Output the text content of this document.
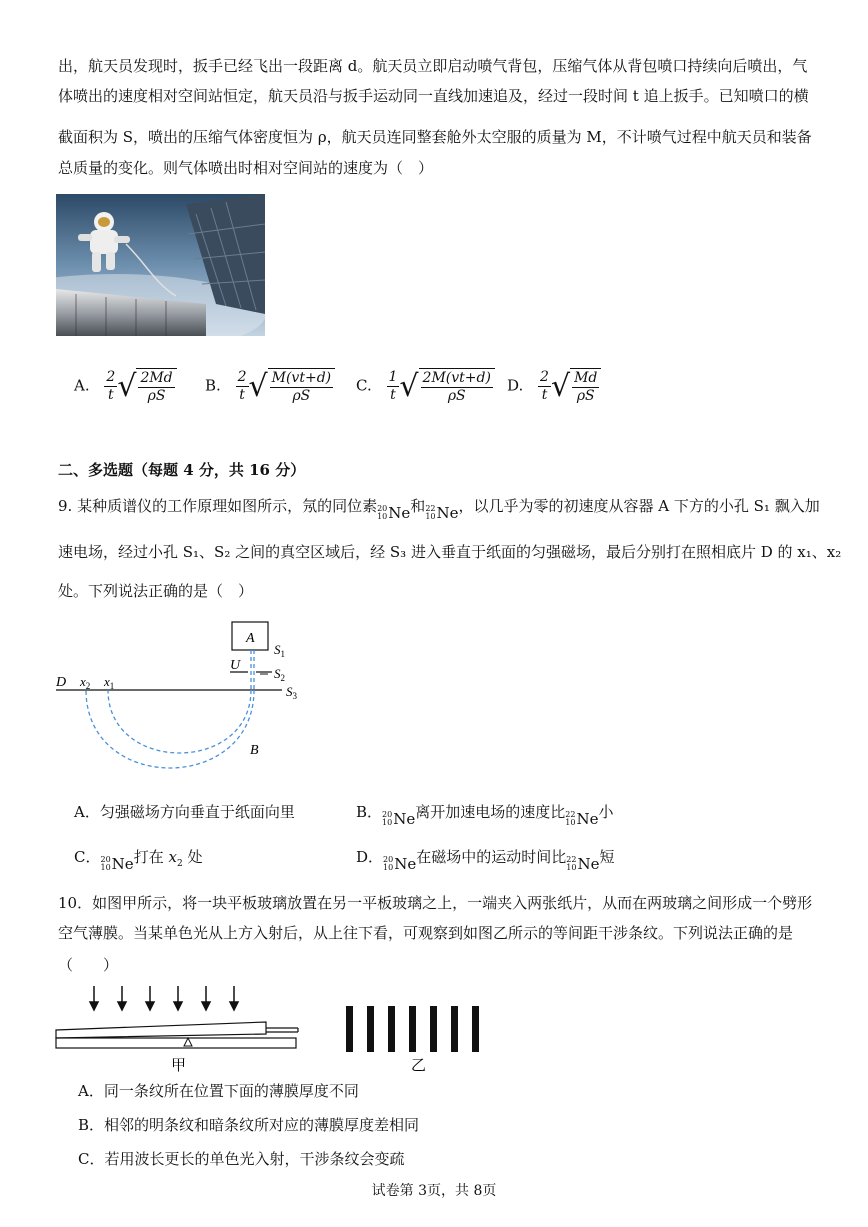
出，航天员发现时，扳手已经飞出一段距离 d。航天员立即启动喷气背包，压缩气体从背包喷口持续向后喷出，气
体喷出的速度相对空间站恒定，航天员沿与扳手运动同一直线加速追及，经过一段时间 t 追上扳手。已知喷口的横
截面积为 S，喷出的压缩气体密度恒为 ρ，航天员连同整套舱外太空服的质量为 M，不计喷气过程中航天员和装备
总质量的变化。则气体喷出时相对空间站的速度为（　）
A. $\frac{2}{t}$ √ $\frac{2Md}{\rho S} B$. $\frac{2}{t}$ √ $\frac{M(vt+d)}{\rho S} C$. $\frac{1}{t}$ √ $\frac{2M(vt+d)}{\rho S} D$. $\frac{2}{t}$ √ $\frac{Md}{\rho S}$
二、多选题（每题 4 分，共 16 分）
9. 某种质谱仪的工作原理如图所示，氖的同位素 20
10 Ne 和 22
10 Ne ，以几乎为零的初速度从容器 A 下方的小孔 S₁ 飘入加
速电场，经过小孔 S₁、S₂ 之间的真空区域后，经 S₃ 进入垂直于纸面的匀强磁场，最后分别打在照相底片 D 的 x₁、x₂
处。下列说法正确的是（　）
A
$S_1$
U
$S_2$
D $x_2$ $x_1$	$S_3$
B
A．匀强磁场方向垂直于纸面向里	B． 20
10 Ne 离开加速电场的速度比 22
10 Ne 小
C． 20
10 Ne 打在 $x_2$ 处	D． 20
10 Ne 在磁场中的运动时间比 22
10 Ne 短
10．如图甲所示，将一块平板玻璃放置在另一平板玻璃之上，一端夹入两张纸片，从而在两玻璃之间形成一个劈形
空气薄膜。当某单色光从上方入射后，从上往下看，可观察到如图乙所示的等间距干涉条纹。下列说法正确的是
（　　）
甲	乙
A．同一条纹所在位置下面的薄膜厚度不同
B．相邻的明条纹和暗条纹所对应的薄膜厚度差相同
C．若用波长更长的单色光入射，干涉条纹会变疏
试卷第 3页，共 8页
